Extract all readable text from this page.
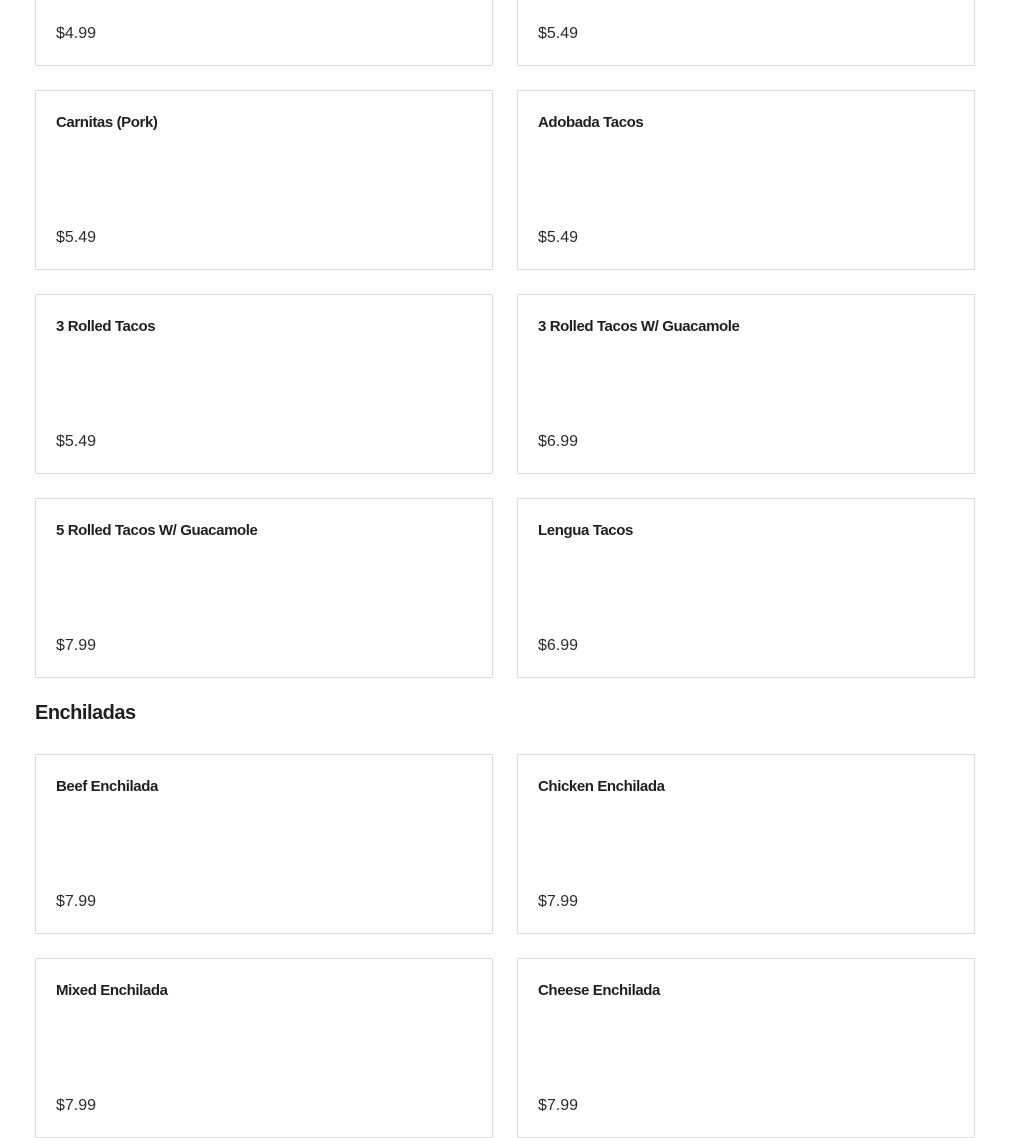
$4.99	$5.49
Carnitas (Pork)
$5.49
Adobada Tacos
$5.49
3 Rolled Tacos
$5.49
3 Rolled Tacos W/ Guacamole
$6.99
5 Rolled Tacos W/ Guacamole
$7.99
Lengua Tacos
$6.99
Enchiladas
Beef Enchilada
$7.99
Chicken Enchilada
$7.99
Mixed Enchilada
$7.99
Cheese Enchilada
$7.99
